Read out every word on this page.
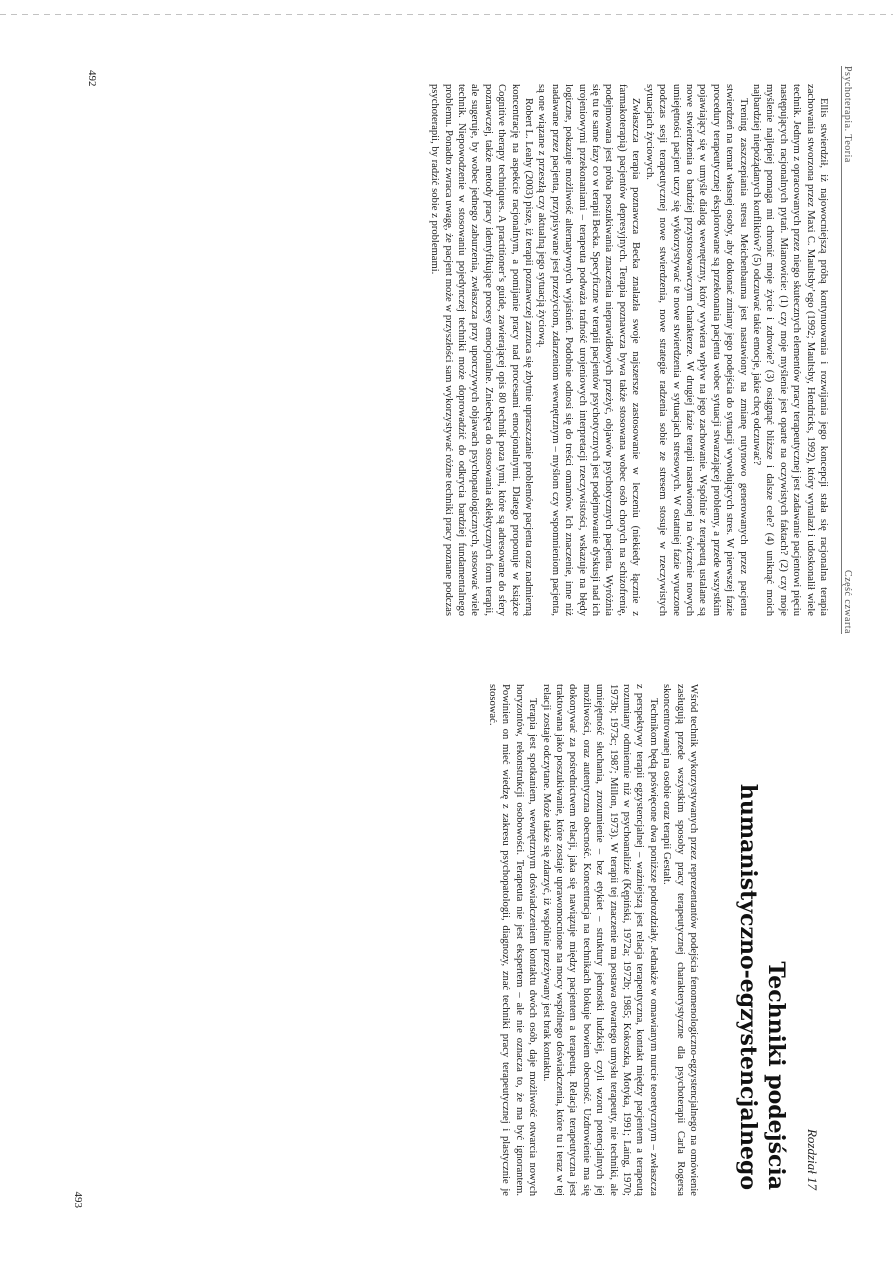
Psychoterapia. Teoria
Część czwarta

Ellis stwierdził, iż najowocniejszą próbą kontynuowania i rozwijania jego koncepcji stała się racjonalna terapia zachowania stworzona przez Maxi C. Maultsby’ego (1992; Maultsby, Hendricks, 1992), który wynalazł i udoskonalił wiele technik. Jednym z opracowanych przez niego skutecznych elementów pracy terapeutycznej jest zadawanie pacjentowi pięciu następujących racjonalnych pytań. Mianowicie: (1) czy moje myślenie jest oparte na oczywistych faktach? (2) czy moje myślenie najlepiej pomaga mi chronić moje życie i zdrowie? (3) osiągnąć bliższe i dalsze cele? (4) uniknąć moich najbardziej niepożądanych konfliktów? (5) odczuwać takie emocje, jakie chcę odczuwać?

Trening zaszczepiania stresu Meichenbauma jest nastawiony na zmianę rutynowo generowanych przez pacjenta stwierdzeń na temat własnej osoby, aby dokonać zmiany jego podejścia do sytuacji wywołujących stres. W pierwszej fazie procedury terapeutycznej eksplorowane są przekonania pacjenta wobec sytuacji stwarzającej problemy, a przede wszystkim pojawiający się w umyśle dialog wewnętrzny, który wywiera wpływ na jego zachowanie. Wspólnie z terapeutą ustalane są nowe stwierdzenia o bardziej przystosowawczym charakterze. W drugiej fazie terapii nastawionej na ćwiczenie nowych umiejętności pacjent uczy się wykorzystywać te nowe stwierdzenia w sytuacjach stresowych. W ostatniej fazie wyuczone podczas sesji terapeutycznej nowe stwierdzenia, nowe strategie radzenia sobie ze stresem stosuje w rzeczywistych sytuacjach życiowych.

Zwłaszcza terapia poznawcza Becka znalazła swoje najszersze zastosowanie w leczeniu (niekiedy łącznie z farmakoterapią) pacjentów depresyjnych. Terapia poznawcza bywa także stosowana wobec osób chorych na schizofrenię, podejmowana jest próba poszukiwania znaczenia nieprawidłowych przeżyć, objawów psychotycznych pacjenta. Wyróżnia się tu te same fazy co w terapii Becka. Specyficzne w terapii pacjentów psychotycznych jest podejmowanie dyskusji nad ich urojeniowymi przekonaniami – terapeuta podważa trafność urojeniowych interpretacji rzeczywistości, wskazuje na błędy logiczne, pokazuje możliwość alternatywnych wyjaśnień. Podobnie odnosi się do treści omamów. Ich znaczenie, inne niż nadawane przez pacjenta, przypisywane jest przeżyciom, zdarzeniom wewnętrznym – myślom czy wspomnieniom pacjenta, są one wiązane z przeszłą czy aktualną jego sytuacją życiową.

Robert L. Leahy (2003) pisze, iż terapii poznawczej zarzuca się zbytnie upraszczanie problemów pacjenta oraz nadmierną koncentrację na aspekcie racjonalnym, a pomijanie pracy nad procesami emocjonalnymi. Dlatego proponuje w książce Cognitive therapy techniques. A practitioner’s guide, zawierającej opis 80 technik poza tymi, które są adresowane do sfery poznawczej, także metody pracy identyfikujące procesy emocjonalne. Zniechęca do stosowania eklektycznych form terapii, ale sugeruje, by wobec jednego zaburzenia, zwłaszcza przy uporczywych objawach psychopatologicznych, stosować wiele technik. Niepowodzenie w stosowaniu pojedynczej techniki może doprowadzić do odkrycia bardziej fundamentalnego problemu. Ponadto zwraca uwagę, że pacjent może w przyszłości sam wykorzystywać różne techniki pracy poznane podczas psychoterapii, by radzić sobie z problemami.

492
Rozdział 17
Techniki podejścia
humanistyczno-egzystencjalnego

Wśród technik wykorzystywanych przez reprezentantów podejścia fenomenologiczno-egzystencjalnego na omówienie zasługują przede wszystkim sposoby pracy terapeutycznej charakterystyczne dla psychoterapii Carla Rogersa skoncentrowanej na osobie oraz terapii Gestalt.

Technikom będą poświęcone dwa poniższe podrozdziały. Jednakże w omawianym nurcie teoretycznym – zwłaszcza z perspektywy terapii egzystencjalnej – ważniejszą jest relacja terapeutyczna, kontakt między pacjentem a terapeutą rozumiany odmiennie niż w psychoanalizie (Kępiński, 1972a; 1972b; 1985; Kokoszka, Motyka, 1991; Laing, 1970; 1973b; 1973c; 1987; Millon, 1973). W terapii tej znaczenie ma postawa otwartego umysłu terapeuty, nie techniki, ale umiejętność słuchania, zrozumienie – bez etykiet – struktury jednostki ludzkiej, czyli wzoru potencjalnych jej możliwości, oraz autentyczna obecność. Koncentracja na technikach blokuje bowiem obecność. Uzdrowienie ma się dokonywać za pośrednictwem relacji, jaka się nawiązuje między pacjentem a terapeutą. Relacja terapeutyczna jest traktowana jako poszukiwanie, które zostaje uprawomocnione na mocy wspólnego doświadczenia, które tu i teraz w tej relacji zostaje odczytane. Może także się zdarzyć, iż wspólnie przeżywany jest brak kontaktu.

Terapia jest spotkaniem, wewnętrznym doświadczeniem kontaktu dwóch osób, daje możliwość otwarcia nowych horyzontów, rekonstrukcji osobowości. Terapeuta nie jest ekspertem – ale nie oznacza to, że ma być ignorantem. Powinien on mieć wiedzę z zakresu psychopatologii, diagnozy, znać techniki pracy terapeutycznej i plastycznie je stosować.

493
